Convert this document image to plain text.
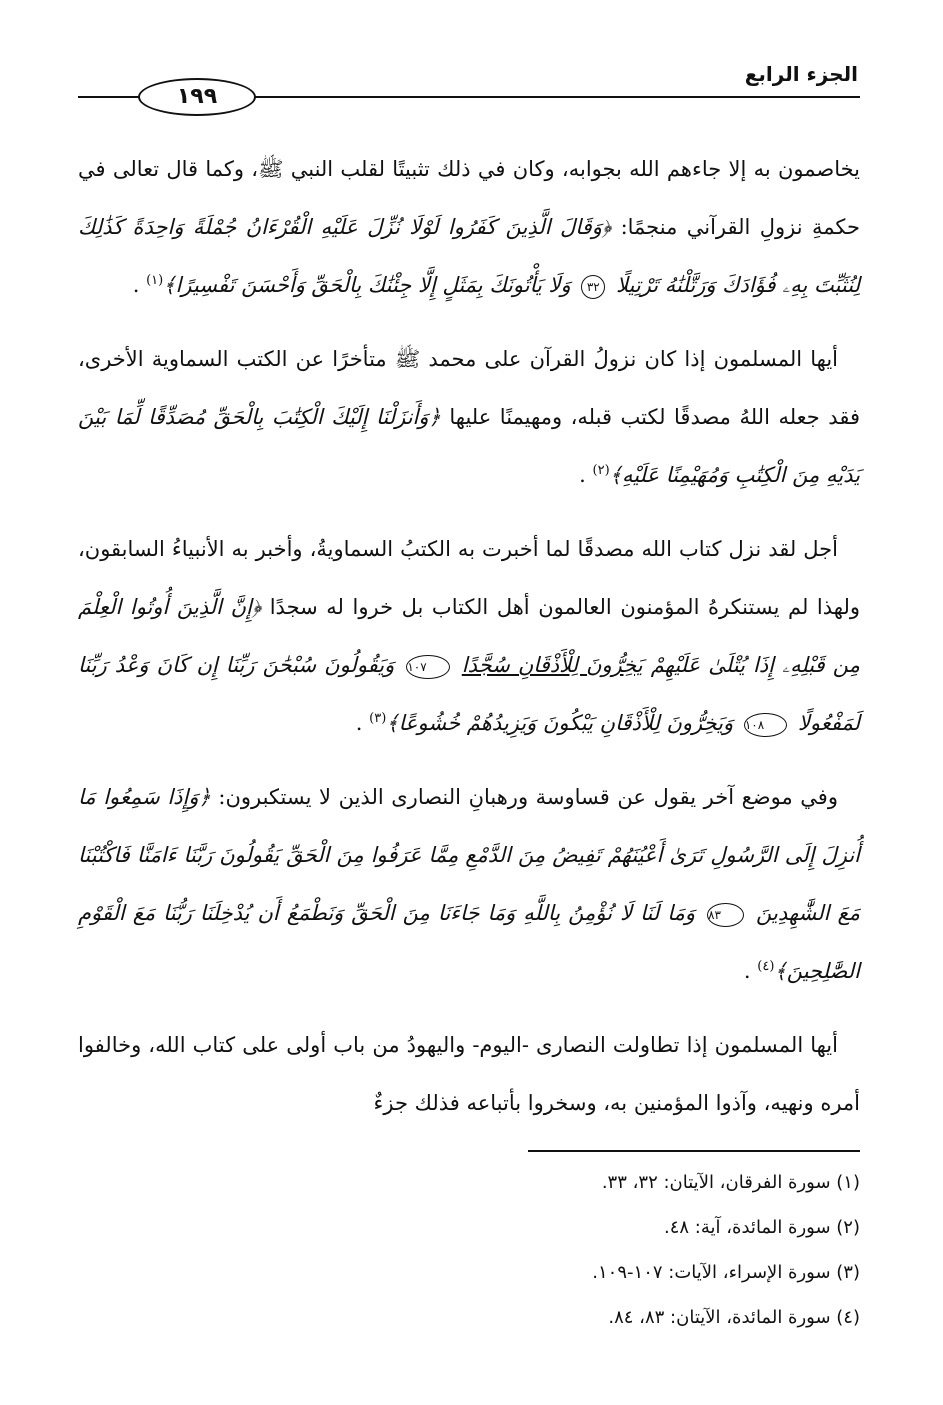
١٩٩
الجزء الرابع

يخاصمون به إلا جاءهم الله بجوابه، وكان في ذلك تثبيتًا لقلب النبي ﷺ، وكما قال تعالى في حكمةِ نزولِ القرآني منجمًا: ﴿وَقَالَ الَّذِينَ كَفَرُوا لَوْلَا نُزِّلَ عَلَيْهِ الْقُرْءَانُ جُمْلَةً وَاحِدَةً كَذَٰلِكَ لِنُثَبِّتَ بِهِۦ فُؤَادَكَ وَرَتَّلْنَٰهُ تَرْتِيلًا ٣٢ وَلَا يَأْتُونَكَ بِمَثَلٍ إِلَّا جِئْنَٰكَ بِالْحَقِّ وَأَحْسَنَ تَفْسِيرًا﴾$^{(١)}$ .

أيها المسلمون إذا كان نزولُ القرآن على محمد ﷺ متأخرًا عن الكتب السماوية الأخرى، فقد جعله اللهُ مصدقًا لكتب قبله، ومهيمنًا عليها ﴿وَأَنزَلْنَا إِلَيْكَ الْكِتَٰبَ بِالْحَقِّ مُصَدِّقًا لِّمَا بَيْنَ يَدَيْهِ مِنَ الْكِتَٰبِ وَمُهَيْمِنًا عَلَيْهِ﴾$^{(٢)}$ .

أجل لقد نزل كتاب الله مصدقًا لما أخبرت به الكتبُ السماويةُ، وأخبر به الأنبياءُ السابقون، ولهذا لم يستنكرهُ المؤمنون العالمون أهل الكتاب بل خروا له سجدًا ﴿إِنَّ الَّذِينَ أُوتُوا الْعِلْمَ مِن قَبْلِهِۦ إِذَا يُتْلَىٰ عَلَيْهِمْ يَخِرُّونَ لِلْأَذْقَانِ سُجَّدًا ١٠٧ وَيَقُولُونَ سُبْحَٰنَ رَبِّنَا إِن كَانَ وَعْدُ رَبِّنَا لَمَفْعُولًا ١٠٨ وَيَخِرُّونَ لِلْأَذْقَانِ يَبْكُونَ وَيَزِيدُهُمْ خُشُوعًا﴾$^{(٣)}$ .

وفي موضع آخر يقول عن قساوسة ورهبانِ النصارى الذين لا يستكبرون: ﴿وَإِذَا سَمِعُوا مَا أُنزِلَ إِلَى الرَّسُولِ تَرَىٰ أَعْيُنَهُمْ تَفِيضُ مِنَ الدَّمْعِ مِمَّا عَرَفُوا مِنَ الْحَقِّ يَقُولُونَ رَبَّنَا ءَامَنَّا فَاكْتُبْنَا مَعَ الشَّٰهِدِينَ ٨٣ وَمَا لَنَا لَا نُؤْمِنُ بِاللَّهِ وَمَا جَاءَنَا مِنَ الْحَقِّ وَنَطْمَعُ أَن يُدْخِلَنَا رَبُّنَا مَعَ الْقَوْمِ الصَّٰلِحِينَ﴾$^{(٤)}$ .

أيها المسلمون إذا تطاولت النصارى -اليوم- واليهودُ من باب أولى على كتاب الله، وخالفوا أمره ونهيه، وآذوا المؤمنين به، وسخروا بأتباعه فذلك جزءٌ

(١) سورة الفرقان، الآيتان: ٣٢، ٣٣.
(٢) سورة المائدة، آية: ٤٨.
(٣) سورة الإسراء، الآيات: ١٠٧-١٠٩.
(٤) سورة المائدة، الآيتان: ٨٣، ٨٤.
